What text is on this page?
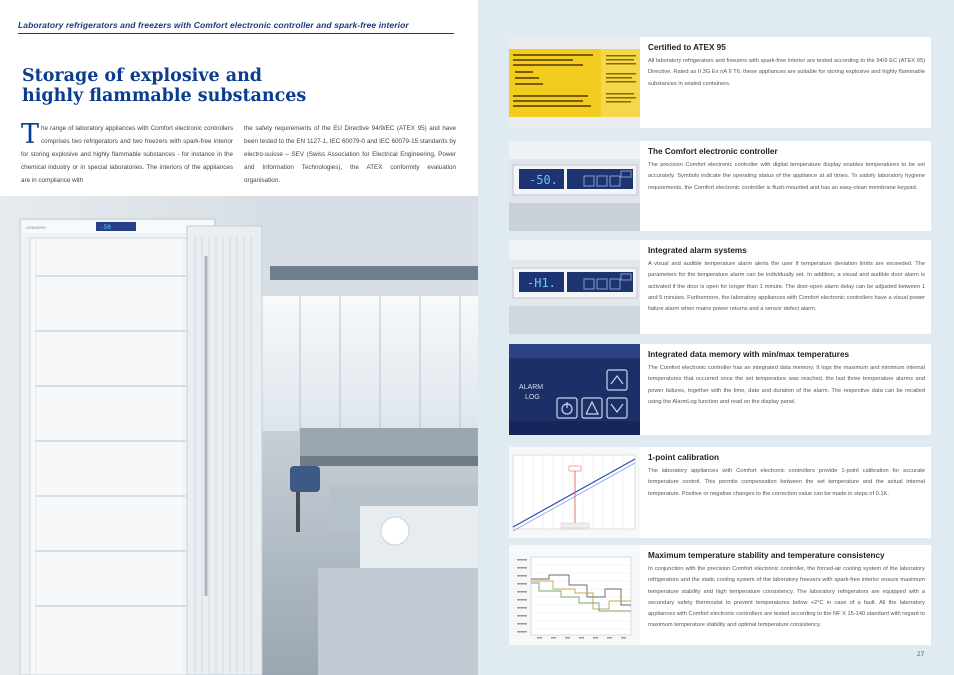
Laboratory refrigerators and freezers with Comfort electronic controller and spark-free interior
Storage of explosive and
highly flammable substances
The range of laboratory appliances with Comfort electronic controllers comprises two refrigerators and two freezers with spark-free interior for storing explosive and highly flammable substances - for instance in the chemical industry or in special laboratories. The interiors of the appliances are in compliance with
the safety requirements of the EU Directive 94/9/EC (ATEX 95) and have been tested to the EN 1127-1, IEC 60079-0 and IEC 60079-15 standards by electro-suisse – SEV (Swiss Association for Electrical Engineering, Power and Information Technologies), the ATEX conformity evaluation organisation.
LIEBHERR	-50
Certified to ATEX 95

All laboratory refrigerators and freezers with spark-free interior are tested according to the 94/9 EC (ATEX 95) Directive. Rated as II 3G Ex nA II T6, these appliances are suitable for storing explosive and highly flammable substances in sealed containers.

-50.
The Comfort electronic controller

The precision Comfort electronic controller with digital temperature display enables temperatures to be set accurately. Symbols indicate the operating status of the appliance at all times. To satisfy laboratory hygiene requirements, the Comfort electronic controller is flush-mounted and has an easy-clean membrane keypad.

-H1.
Integrated alarm systems

A visual and audible temperature alarm alerts the user if temperature deviation limits are exceeded. The parameters for the temperature alarm can be individually set. In addition, a visual and audible door alarm is activated if the door is open for longer than 1 minute. The door-open alarm delay can be adjusted between 1 and 5 minutes. Furthermore, the laboratory appliances with Comfort electronic controllers have a visual power failure alarm when mains power returns and a sensor defect alarm.

ALARM
LOG
Integrated data memory with min/max temperatures

The Comfort electronic controller has an integrated data memory. It logs the maximum and minimum internal temperatures that occurred once the set temperature was reached, the last three temperature alarms and power failures, together with the time, date and duration of the alarm. The respective data can be recalled using the AlarmLog function and read on the display panel.

1-point calibration

The laboratory appliances with Comfort electronic controllers provide 1-point calibration for accurate temperature control. This permits compensation between the set temperature and the actual internal temperature. Positive or negative changes to the correction value can be made in steps of 0.1K.

Maximum temperature stability and temperature consistency

In conjunction with the precision Comfort electronic controller, the forced-air cooling system of the laboratory refrigerators and the static cooling system of the laboratory freezers with spark-free interior ensure maximum temperature stability and high temperature consistency. The laboratory refrigerators are equipped with a secondary safety thermostat to prevent temperatures below +2°C in case of a fault. All the laboratory appliances with Comfort electronic controllers are tested according to the NF X 15-140 standard with regard to maximum temperature stability and optimal temperature consistency.

27
